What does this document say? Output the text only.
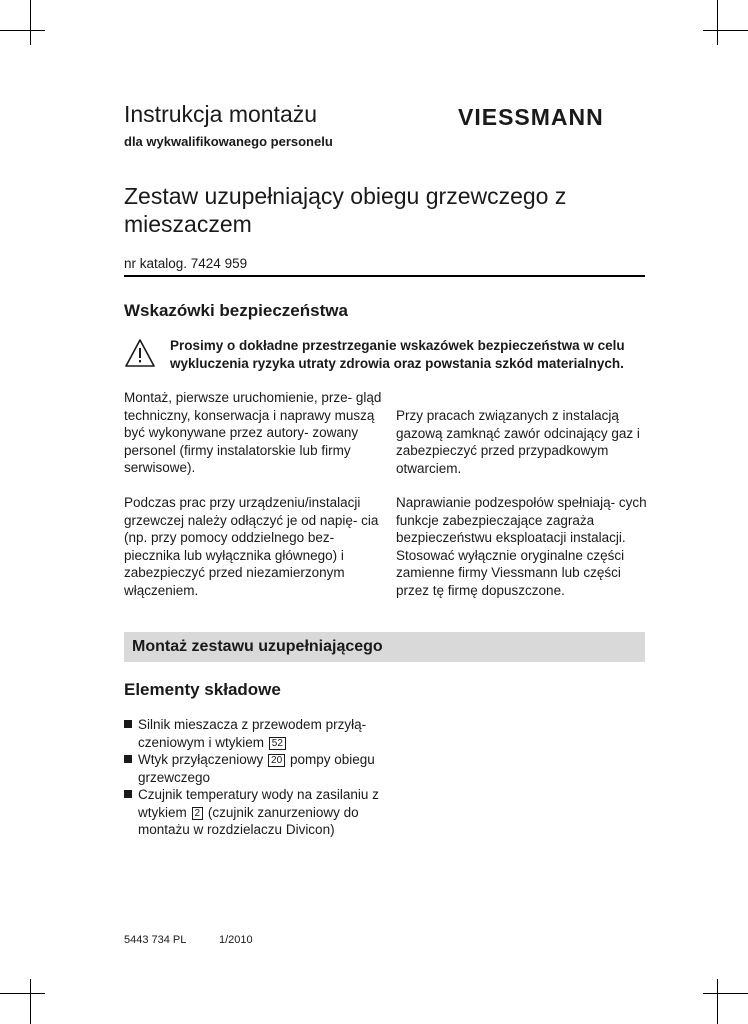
Instrukcja montażu
dla wykwalifikowanego personelu
VIESSMANN
Zestaw uzupełniający obiegu grzewczego z mieszaczem
nr katalog. 7424 959
Wskazówki bezpieczeństwa
Prosimy o dokładne przestrzeganie wskazówek bezpieczeństwa w celu wykluczenia ryzyka utraty zdrowia oraz powstania szkód materialnych.
Montaż, pierwsze uruchomienie, prze- gląd techniczny, konserwacja i naprawy muszą być wykonywane przez autory- zowany personel (firmy instalatorskie lub firmy serwisowe).
Podczas prac przy urządzeniu/instalacji grzewczej należy odłączyć je od napię- cia (np. przy pomocy oddzielnego bez- piecznika lub wyłącznika głównego) i zabezpieczyć przed niezamierzonym włączeniem.
Przy pracach związanych z instalacją gazową zamknąć zawór odcinający gaz i zabezpieczyć przed przypadkowym otwarciem.
Naprawianie podzespołów spełniają- cych funkcje zabezpieczające zagraża bezpieczeństwu eksploatacji instalacji. Stosować wyłącznie oryginalne części zamienne firmy Viessmann lub części przez tę firmę dopuszczone.
Montaż zestawu uzupełniającego
Elementy składowe
Silnik mieszacza z przewodem przyłą- czeniowym i wtykiem 52
Wtyk przyłączeniowy 20 pompy obiegu grzewczego
Czujnik temperatury wody na zasilaniu z wtykiem 2 (czujnik zanurzeniowy do montażu w rozdzielaczu Divicon)
5443 734 PL	1/2010
